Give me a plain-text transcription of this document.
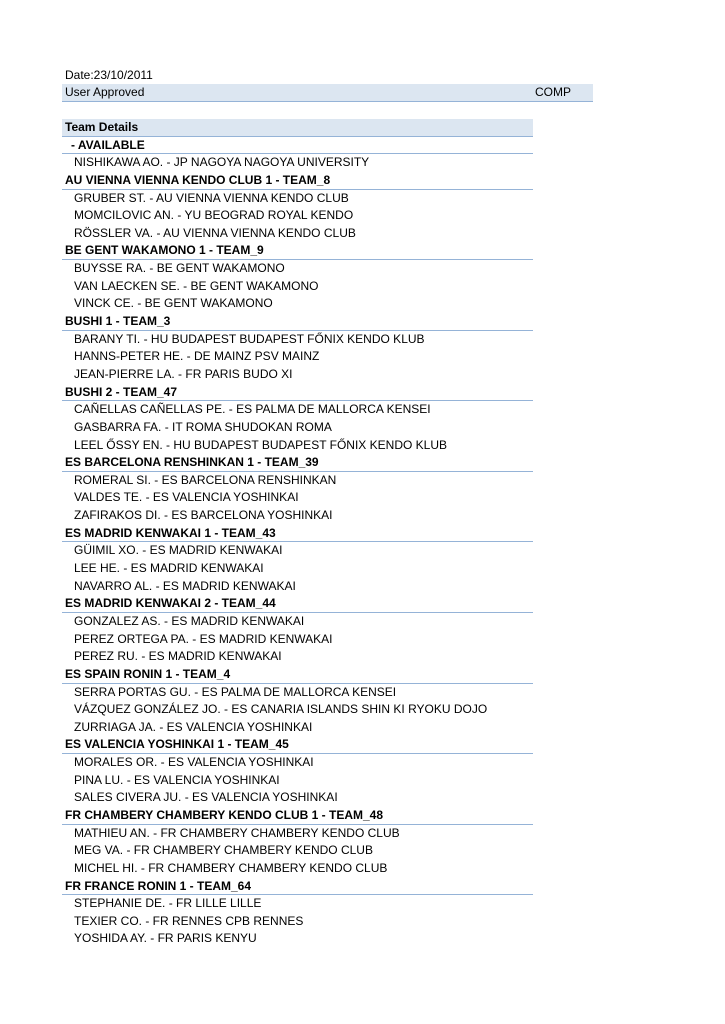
Date:23/10/2011
User Approved	COMP
Team Details
- AVAILABLE
NISHIKAWA AO. - JP NAGOYA NAGOYA UNIVERSITY
AU VIENNA VIENNA KENDO CLUB 1 - TEAM_8
GRUBER ST. - AU VIENNA VIENNA KENDO CLUB
MOMCILOVIC AN. - YU BEOGRAD ROYAL KENDO
RÖSSLER VA. - AU VIENNA VIENNA KENDO CLUB
BE GENT WAKAMONO 1 - TEAM_9
BUYSSE RA. - BE GENT WAKAMONO
VAN LAECKEN SE. - BE GENT WAKAMONO
VINCK CE. - BE GENT WAKAMONO
BUSHI 1 - TEAM_3
BARANY TI. - HU BUDAPEST BUDAPEST FŐNIX KENDO KLUB
HANNS-PETER HE. - DE MAINZ PSV MAINZ
JEAN-PIERRE LA. - FR PARIS BUDO XI
BUSHI 2 - TEAM_47
CAÑELLAS CAÑELLAS PE. - ES PALMA DE MALLORCA KENSEI
GASBARRA FA. - IT ROMA SHUDOKAN ROMA
LEEL ŐSSY EN. - HU BUDAPEST BUDAPEST FŐNIX KENDO KLUB
ES BARCELONA RENSHINKAN 1 - TEAM_39
ROMERAL SI. - ES BARCELONA RENSHINKAN
VALDES TE. - ES VALENCIA YOSHINKAI
ZAFIRAKOS DI. - ES BARCELONA YOSHINKAI
ES MADRID KENWAKAI 1 - TEAM_43
GÜIMIL XO. - ES MADRID KENWAKAI
LEE HE. - ES MADRID KENWAKAI
NAVARRO AL. - ES MADRID KENWAKAI
ES MADRID KENWAKAI 2 - TEAM_44
GONZALEZ AS. - ES MADRID KENWAKAI
PEREZ ORTEGA PA. - ES MADRID KENWAKAI
PEREZ RU. - ES MADRID KENWAKAI
ES SPAIN RONIN 1 - TEAM_4
SERRA PORTAS GU. - ES PALMA DE MALLORCA KENSEI
VÁZQUEZ GONZÁLEZ JO. - ES CANARIA ISLANDS SHIN KI RYOKU DOJO
ZURRIAGA JA. - ES VALENCIA YOSHINKAI
ES VALENCIA YOSHINKAI 1 - TEAM_45
MORALES OR. - ES VALENCIA YOSHINKAI
PINA LU. - ES VALENCIA YOSHINKAI
SALES CIVERA JU. - ES VALENCIA YOSHINKAI
FR CHAMBERY CHAMBERY KENDO CLUB 1 - TEAM_48
MATHIEU AN. - FR CHAMBERY CHAMBERY KENDO CLUB
MEG VA. - FR CHAMBERY CHAMBERY KENDO CLUB
MICHEL HI. - FR CHAMBERY CHAMBERY KENDO CLUB
FR FRANCE RONIN 1 - TEAM_64
STEPHANIE DE. - FR LILLE LILLE
TEXIER CO. - FR RENNES CPB RENNES
YOSHIDA AY. - FR PARIS KENYU
